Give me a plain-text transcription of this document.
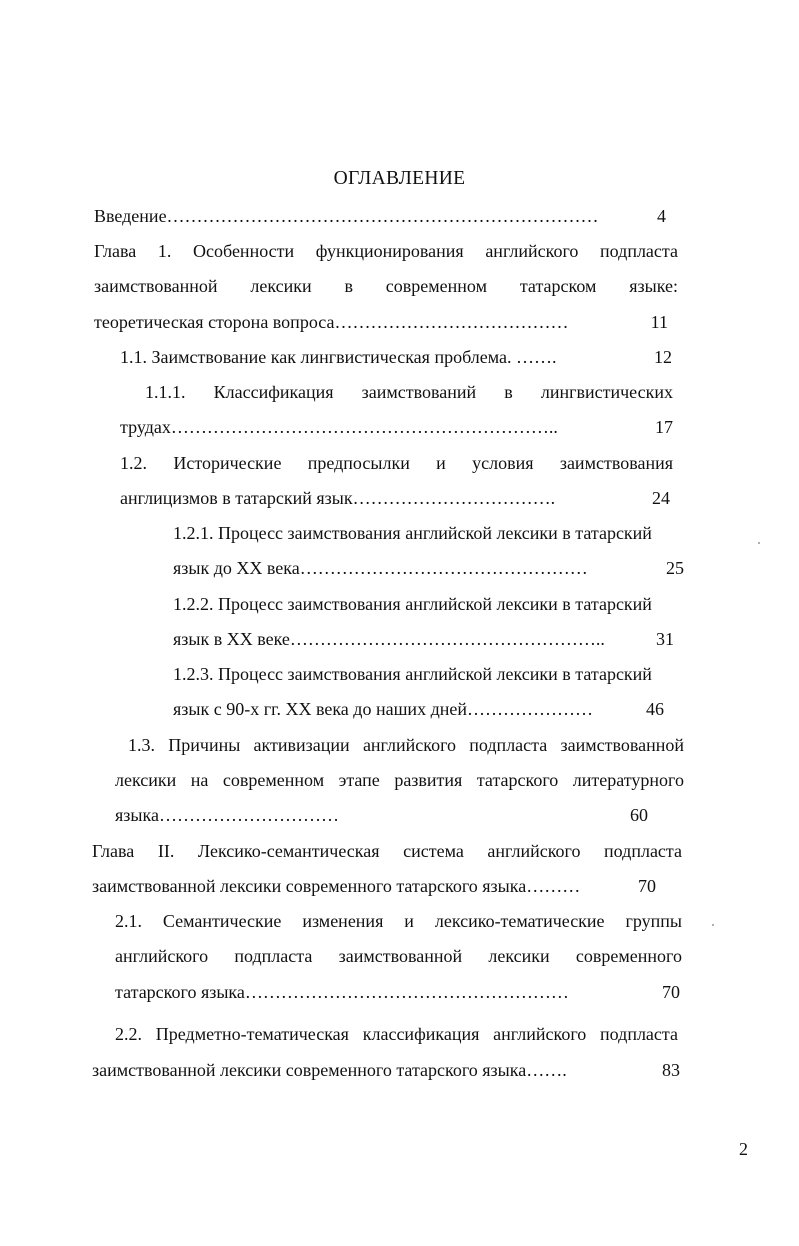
ОГЛАВЛЕНИЕ
Введение………………………………………………………………	4
Глава 1. Особенности функционирования английского подпласта
заимствованной лексики в современном татарском языке:
теоретическая сторона вопроса…………………………………	11
1.1. Заимствование как лингвистическая проблема. …….	12
1.1.1. Классификация заимствований в лингвистических
трудах………………………………………………………..	17
1.2. Исторические предпосылки и условия заимствования
англицизмов в татарский язык…………………………….	24
1.2.1. Процесс заимствования английской лексики в татарский
язык до XX века…………………………………………	25
1.2.2. Процесс заимствования английской лексики в татарский
язык в XX веке……………………………………………..	31
1.2.3. Процесс заимствования английской лексики в татарский
язык с 90-х гг. XX века до наших дней…………………	46
1.3. Причины активизации английского подпласта заимствованной
лексики на современном этапе развития татарского литературного
языка…………………………	60
Глава II. Лексико-семантическая система английского подпласта
заимствованной лексики современного татарского языка………	70
2.1. Семантические изменения и лексико-тематические группы
английского подпласта заимствованной лексики современного
татарского языка………………………………………………	70
2.2. Предметно-тематическая классификация английского подпласта
заимствованной лексики современного татарского языка…….	83
2
